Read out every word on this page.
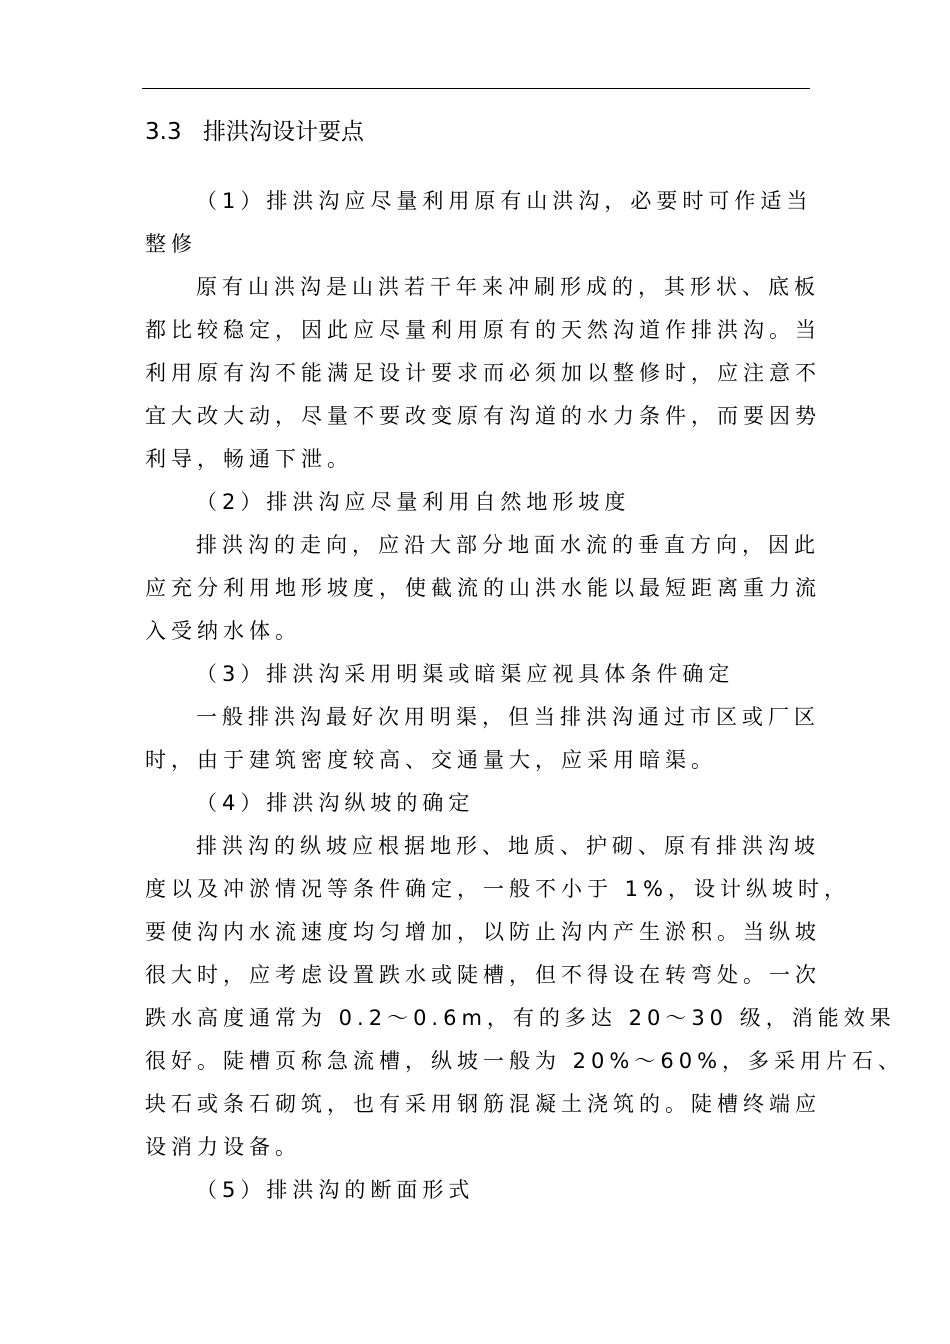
3.3 排洪沟设计要点
（1）排洪沟应尽量利用原有山洪沟，必要时可作适当
整修
原有山洪沟是山洪若干年来冲刷形成的，其形状、底板
都比较稳定，因此应尽量利用原有的天然沟道作排洪沟。当
利用原有沟不能满足设计要求而必须加以整修时，应注意不
宜大改大动，尽量不要改变原有沟道的水力条件，而要因势
利导，畅通下泄。
（2）排洪沟应尽量利用自然地形坡度
排洪沟的走向，应沿大部分地面水流的垂直方向，因此
应充分利用地形坡度，使截流的山洪水能以最短距离重力流
入受纳水体。
（3）排洪沟采用明渠或暗渠应视具体条件确定
一般排洪沟最好次用明渠，但当排洪沟通过市区或厂区
时，由于建筑密度较高、交通量大，应采用暗渠。
（4）排洪沟纵坡的确定
排洪沟的纵坡应根据地形、地质、护砌、原有排洪沟坡
度以及冲淤情况等条件确定，一般不小于 1%，设计纵坡时，
要使沟内水流速度均匀增加，以防止沟内产生淤积。当纵坡
很大时，应考虑设置跌水或陡槽，但不得设在转弯处。一次
跌水高度通常为 0.2～0.6m，有的多达 20～30 级，消能效果
很好。陡槽页称急流槽，纵坡一般为 20%～60%，多采用片石、
块石或条石砌筑，也有采用钢筋混凝土浇筑的。陡槽终端应
设消力设备。
（5）排洪沟的断面形式
